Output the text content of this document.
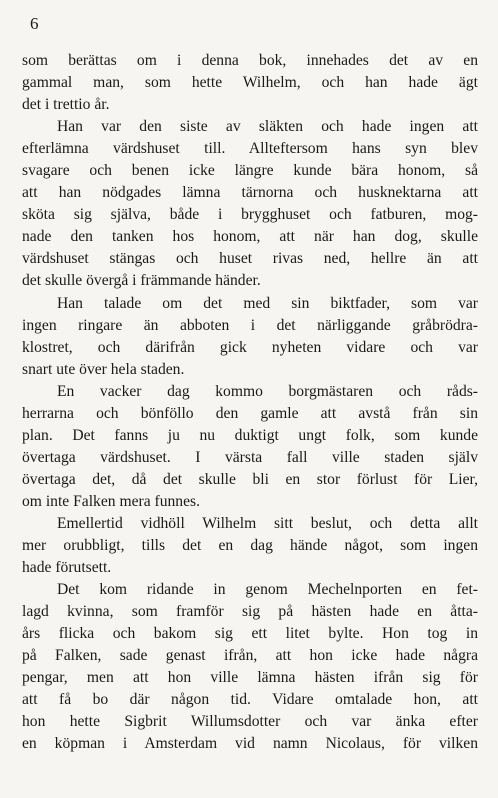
6
som berättas om i denna bok, innehades det av en
gammal man, som hette Wilhelm, och han hade ägt
det i trettio år.
Han var den siste av släkten och hade ingen att
efterlämna värdshuset till. Allteftersom hans syn blev
svagare och benen icke längre kunde bära honom, så
att han nödgades lämna tärnorna och husknektarna att
sköta sig själva, både i brygghuset och fatburen, mog-
nade den tanken hos honom, att när han dog, skulle
värdshuset stängas och huset rivas ned, hellre än att
det skulle övergå i främmande händer.
Han talade om det med sin biktfader, som var
ingen ringare än abboten i det närliggande gråbrödra-
klostret, och därifrån gick nyheten vidare och var
snart ute över hela staden.
En vacker dag kommo borgmästaren och råds-
herrarna och bönföllo den gamle att avstå från sin
plan. Det fanns ju nu duktigt ungt folk, som kunde
övertaga värdshuset. I värsta fall ville staden själv
övertaga det, då det skulle bli en stor förlust för Lier,
om inte Falken mera funnes.
Emellertid vidhöll Wilhelm sitt beslut, och detta allt
mer orubbligt, tills det en dag hände något, som ingen
hade förutsett.
Det kom ridande in genom Mechelnporten en fet-
lagd kvinna, som framför sig på hästen hade en åtta-
års flicka och bakom sig ett litet bylte. Hon tog in
på Falken, sade genast ifrån, att hon icke hade några
pengar, men att hon ville lämna hästen ifrån sig för
att få bo där någon tid. Vidare omtalade hon, att
hon hette Sigbrit Willumsdotter och var änka efter
en köpman i Amsterdam vid namn Nicolaus, för vilken
